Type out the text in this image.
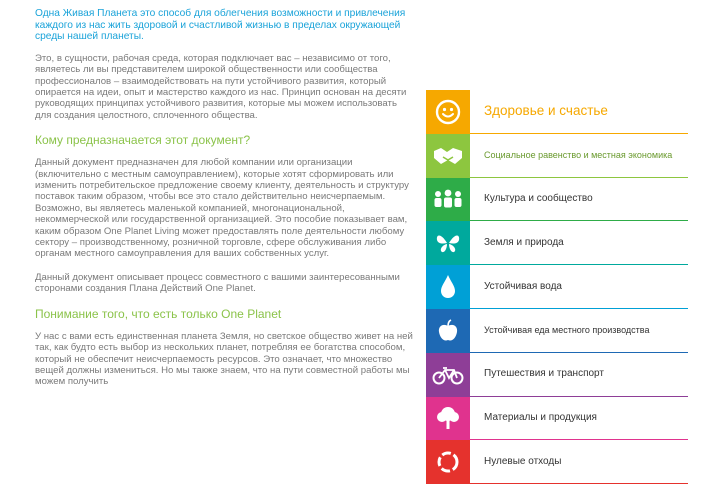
Одна Живая Планета это способ для облегчения возможности и привлечения каждого из нас жить здоровой и счастливой жизнью в пределах окружающей среды нашей планеты.

Это, в сущности, рабочая среда, которая подключает вас – независимо от того, являетесь ли вы представителем широкой общественности или сообщества профессионалов – взаимодействовать на пути устойчивого развития, который опирается на идеи, опыт и мастерство каждого из нас. Принцип основан на десяти руководящих принципах устойчивого развития, которые мы можем использовать для создания целостного, сплоченного общества.

Кому предназначается этот документ?

Данный документ предназначен для любой компании или организации (включительно с местным самоуправлением), которые хотят сформировать или изменить потребительское предложение своему клиенту, деятельность и структуру поставок таким образом, чтобы все это стало действительно неисчерпаемым. Возможно, вы являетесь маленькой компанией, многонациональной, некоммерческой или государственной организацией. Это пособие показывает вам, каким образом One Planet Living может предоставлять поле деятельности любому сектору – производственному, розничной торговле, сфере обслуживания либо органам местного самоуправления для ваших собственных услуг.

Данный документ описывает процесс совместного с вашими заинтересованными сторонами создания Плана Действий One Planet.

Понимание того, что есть только One Planet

У нас с вами есть единственная планета Земля, но светское общество живет на ней так, как будто есть выбор из нескольких планет, потребляя ее богатства способом, который не обеспечит неисчерпаемость ресурсов. Это означает, что множество вещей должны измениться. Но мы также знаем, что на пути совместной работы мы можем получить

Здоровье и счастье
Социальное равенство и местная экономика
Культура и сообщество
Земля и природа
Устойчивая вода
Устойчивая еда местного производства
Путешествия и транспорт
Материалы и продукция
Нулевые отходы
